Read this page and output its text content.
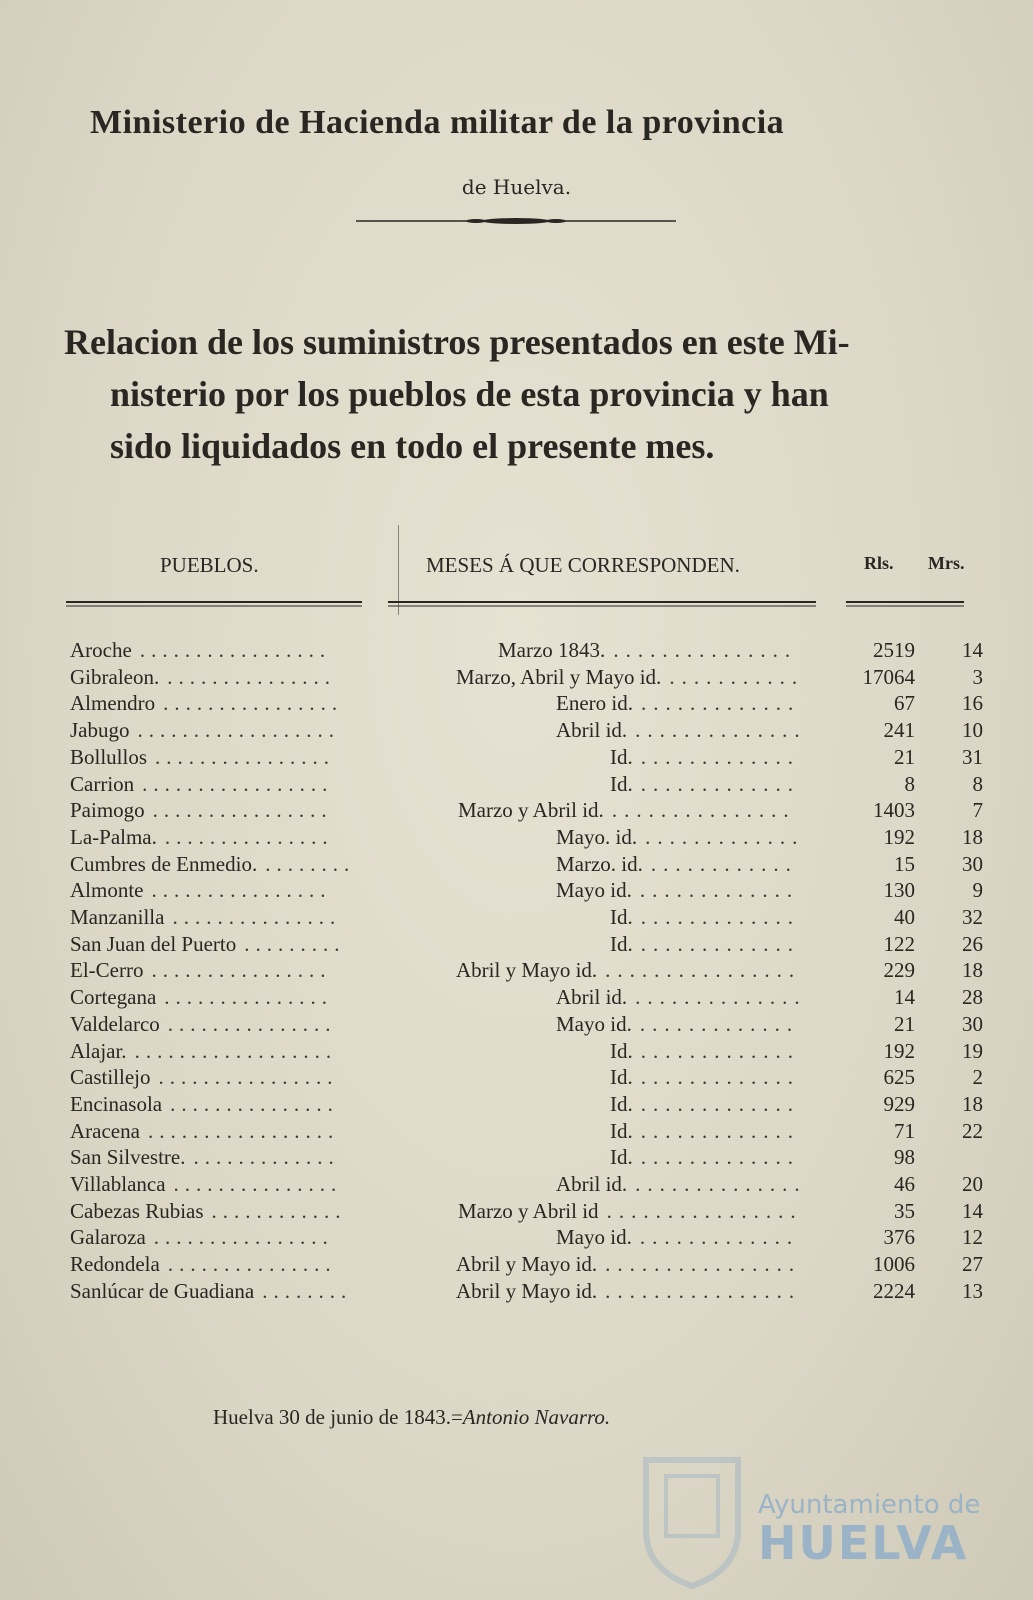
Ministerio de Hacienda militar de la provincia
de Huelva.
Relacion de los suministros presentados en este Mi-
nisterio por los pueblos de esta provincia y han
sido liquidados en todo el presente mes.
PUEBLOS.	MESES Á QUE CORRESPONDEN.	Rls. Mrs.
Aroche .................	Marzo 1843. ...............	2519 14
Gibraleon. ...............	Marzo, Abril y Mayo id. ...........	17064	3
Almendro ................	Enero id. .............	67 16
Jabugo ..................	Abril id. ..............	241 10
Bollullos ................	Id. .............	21 31
Carrion .................	Id. .............	8	8
Paimogo ................	Marzo y Abril id. ...............	1403	7
La-Palma. ...............	Mayo. id. .............	192 18
Cumbres de Enmedio. ........	Marzo. id. ............	15 30
Almonte ................	Mayo id. .............	130	9
Manzanilla ...............	Id. .............	40 32
San Juan del Puerto .........	Id. .............	122 26
El-Cerro ................	Abril y Mayo id. ................	229 18
Cortegana ...............	Abril id. ..............	14 28
Valdelarco ...............	Mayo id. .............	21 30
Alajar. ..................	Id. .............	192 19
Castillejo ................	Id. .............	625	2
Encinasola ...............	Id. .............	929 18
Aracena .................	Id. .............	71 22
San Silvestre. .............	Id. .............	98
Villablanca ...............	Abril id. ..............	46 20
Cabezas Rubias ............	Marzo y Abril id ................	35 14
Galaroza ................	Mayo id. .............	376 12
Redondela ...............	Abril y Mayo id. ................	1006 27
Sanlúcar de Guadiana ........	Abril y Mayo id. ................	2224 13
Huelva 30 de junio de 1843.=Antonio Navarro.
Ayuntamiento de
HUELVA
